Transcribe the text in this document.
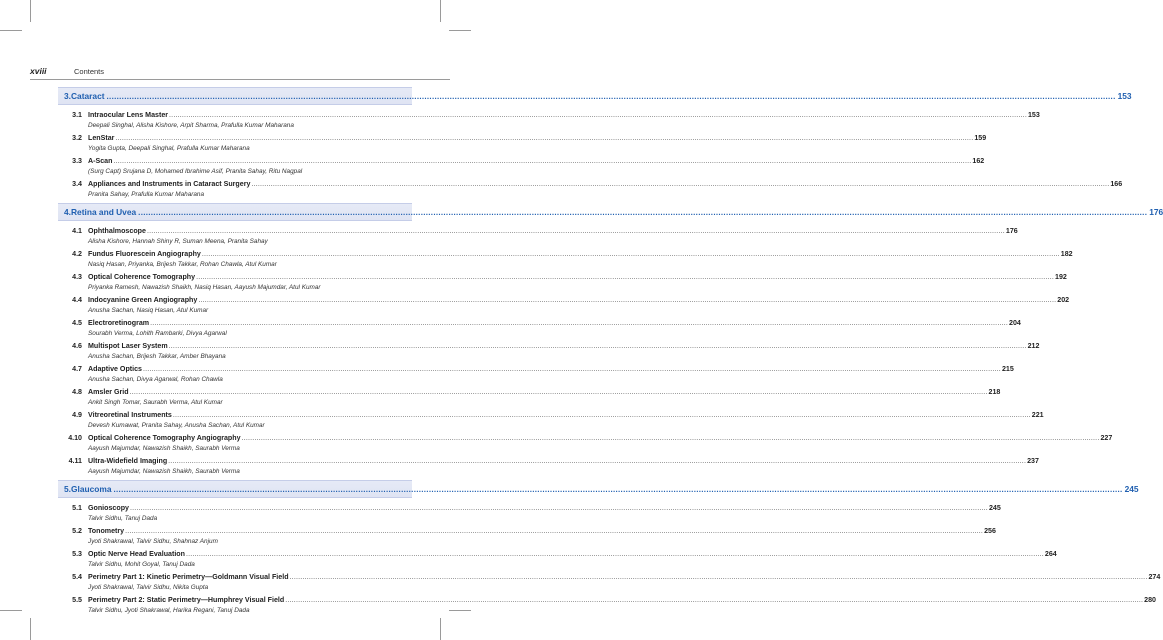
xviii	Contents
3. Cataract ................................................................................................................................................................................................................................................................................................................................................................................................................ 153
3.1 Intraocular Lens Master ................................................................................................................................................................................................................................................................................................................................................................................................................ 153
Deepali Singhal, Alisha Kishore, Arpit Sharma, Prafulla Kumar Maharana
3.2 LenStar ................................................................................................................................................................................................................................................................................................................................................................................................................ 159
Yogita Gupta, Deepali Singhal, Prafulla Kumar Maharana
3.3 A-Scan ................................................................................................................................................................................................................................................................................................................................................................................................................ 162
(Surg Capt) Srujana D, Mohamed Ibrahime Asif, Pranita Sahay, Ritu Nagpal
3.4 Appliances and Instruments in Cataract Surgery ................................................................................................................................................................................................................................................................................................................................................................................................................ 166
Pranita Sahay, Prafulla Kumar Maharana
4. Retina and Uvea ................................................................................................................................................................................................................................................................................................................................................................................................................ 176
4.1 Ophthalmoscope ................................................................................................................................................................................................................................................................................................................................................................................................................ 176
Alisha Kishore, Hannah Shiny R, Suman Meena, Pranita Sahay
4.2 Fundus Fluorescein Angiography ................................................................................................................................................................................................................................................................................................................................................................................................................ 182
Nasiq Hasan, Priyanka, Brijesh Takkar, Rohan Chawla, Atul Kumar
4.3 Optical Coherence Tomography ................................................................................................................................................................................................................................................................................................................................................................................................................ 192
Priyanka Ramesh, Nawazish Shaikh, Nasiq Hasan, Aayush Majumdar, Atul Kumar
4.4 Indocyanine Green Angiography ................................................................................................................................................................................................................................................................................................................................................................................................................ 202
Anusha Sachan, Nasiq Hasan, Atul Kumar
4.5 Electroretinogram ................................................................................................................................................................................................................................................................................................................................................................................................................ 204
Sourabh Verma, Lohith Rambarki, Divya Agarwal
4.6 Multispot Laser System ................................................................................................................................................................................................................................................................................................................................................................................................................ 212
Anusha Sachan, Brijesh Takkar, Amber Bhayana
4.7 Adaptive Optics ................................................................................................................................................................................................................................................................................................................................................................................................................ 215
Anusha Sachan, Divya Agarwal, Rohan Chawla
4.8 Amsler Grid ................................................................................................................................................................................................................................................................................................................................................................................................................ 218
Ankit Singh Tomar, Saurabh Verma, Atul Kumar
4.9 Vitreoretinal Instruments ................................................................................................................................................................................................................................................................................................................................................................................................................ 221
Devesh Kumawat, Pranita Sahay, Anusha Sachan, Atul Kumar
4.10 Optical Coherence Tomography Angiography ................................................................................................................................................................................................................................................................................................................................................................................................................ 227
Aayush Majumdar, Nawazish Shaikh, Saurabh Verma
4.11 Ultra-Widefield Imaging ................................................................................................................................................................................................................................................................................................................................................................................................................ 237
Aayush Majumdar, Nawazish Shaikh, Saurabh Verma
5. Glaucoma ................................................................................................................................................................................................................................................................................................................................................................................................................ 245
5.1 Gonioscopy ................................................................................................................................................................................................................................................................................................................................................................................................................ 245
Talvir Sidhu, Tanuj Dada
5.2 Tonometry ................................................................................................................................................................................................................................................................................................................................................................................................................ 256
Jyoti Shakrawal, Talvir Sidhu, Shahnaz Anjum
5.3 Optic Nerve Head Evaluation ................................................................................................................................................................................................................................................................................................................................................................................................................ 264
Talvir Sidhu, Mohit Goyal, Tanuj Dada
5.4 Perimetry Part 1: Kinetic Perimetry—Goldmann Visual Field ................................................................................................................................................................................................................................................................................................................................................................................................................ 274
Jyoti Shakrawal, Talvir Sidhu, Nikita Gupta
5.5 Perimetry Part 2: Static Perimetry—Humphrey Visual Field ................................................................................................................................................................................................................................................................................................................................................................................................................ 280
Talvir Sidhu, Jyoti Shakrawal, Harika Regani, Tanuj Dada
